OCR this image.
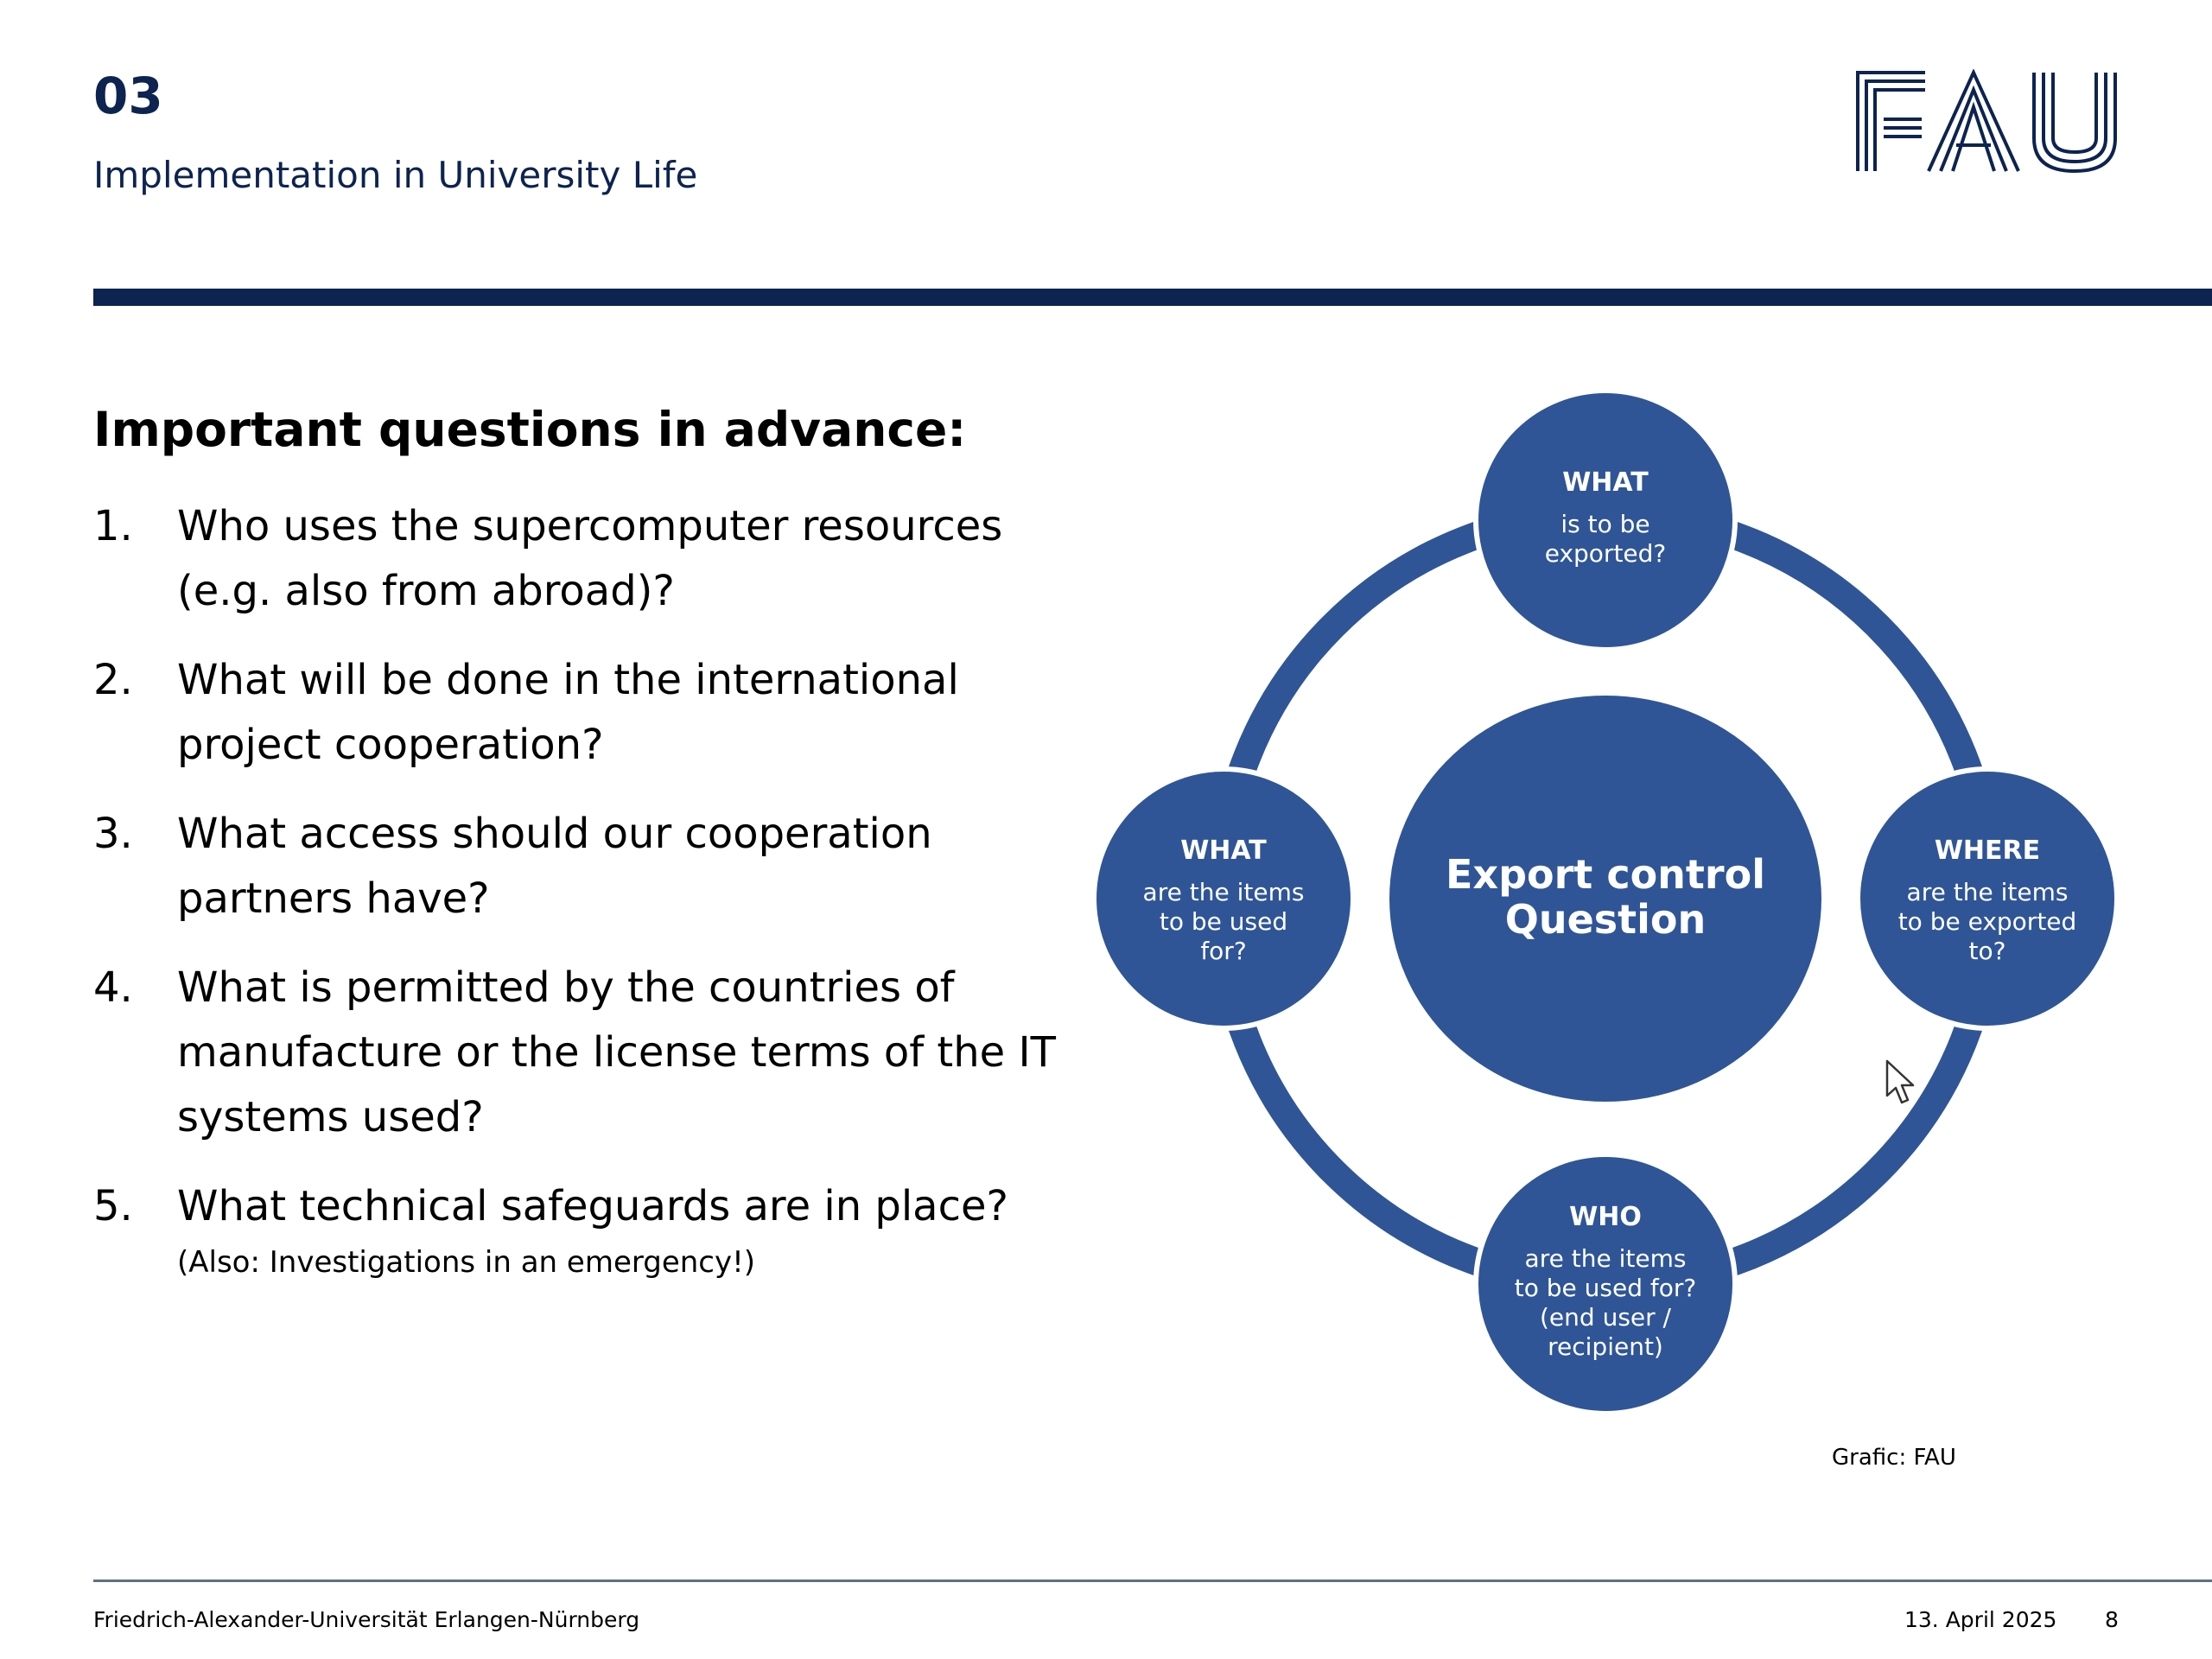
03
Implementation in University Life
Important questions in advance:
1. Who uses the supercomputer resources (e.g. also from abroad)?
2. What will be done in the international project cooperation?
3. What access should our cooperation partners have?
4. What is permitted by the countries of manufacture or the license terms of the IT systems used?
5. What technical safeguards are in place?
(Also: Investigations in an emergency!)
Export control
Question
WHAT
is to be
exported?
WHAT
are the items
to be used
for?
WHERE
are the items
to be exported
to?
WHO
are the items
to be used for?
(end user /
recipient)
Grafic: FAU
Friedrich-Alexander-Universität Erlangen-Nürnberg	13. April 2025 8
